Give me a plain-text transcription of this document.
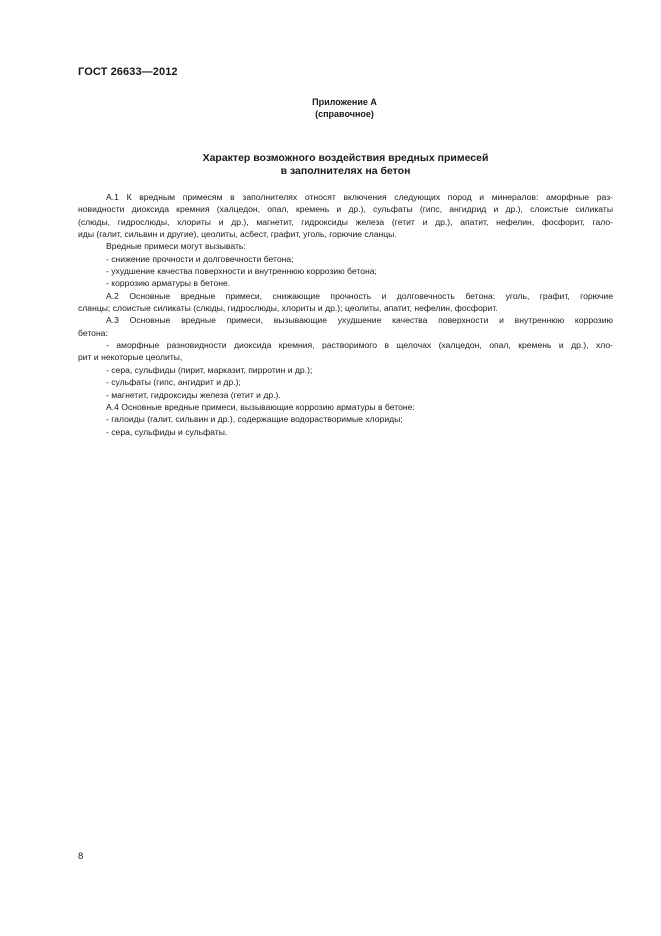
ГОСТ 26633—2012
Приложение А
(справочное)
Характер возможного воздействия вредных примесей
в заполнителях на бетон
А.1 К вредным примесям в заполнителях относят включения следующих пород и минералов: аморфные раз-
новидности диоксида кремния (халцедон, опал, кремень и др.), сульфаты (гипс, ангидрид и др.), слоистые силикаты
(слюды, гидрослюды, хлориты и др.), магнетит, гидроксиды железа (гетит и др.), апатит, нефелин, фосфорит, гало-
иды (галит, сильвин и другие), цеолиты, асбест, графит, уголь, горючие сланцы.
Вредные примеси могут вызывать:
- снижение прочности и долговечности бетона;
- ухудшение качества поверхности и внутреннюю коррозию бетона;
- коррозию арматуры в бетоне.
А.2 Основные вредные примеси, снижающие прочность и долговечность бетона: уголь, графит, горючие
сланцы; слоистые силикаты (слюды, гидрослюды, хлориты и др.); цеолиты, апатит, нефелин, фосфорит.
А.3 Основные вредные примеси, вызывающие ухудшение качества поверхности и внутреннюю коррозию
бетона:
- аморфные разновидности диоксида кремния, растворимого в щелочах (халцедон, опал, кремень и др.), хло-
рит и некоторые цеолиты,
- сера, сульфиды (пирит, марказит, пирротин и др.);
- сульфаты (гипс, ангидрит и др.);
- магнетит, гидроксиды железа (гетит и др.).
А.4 Основные вредные примеси, вызывающие коррозию арматуры в бетоне:
- галоиды (галит, сильвин и др.), содержащие водорастворимые хлориды;
- сера, сульфиды и сульфаты.
8
